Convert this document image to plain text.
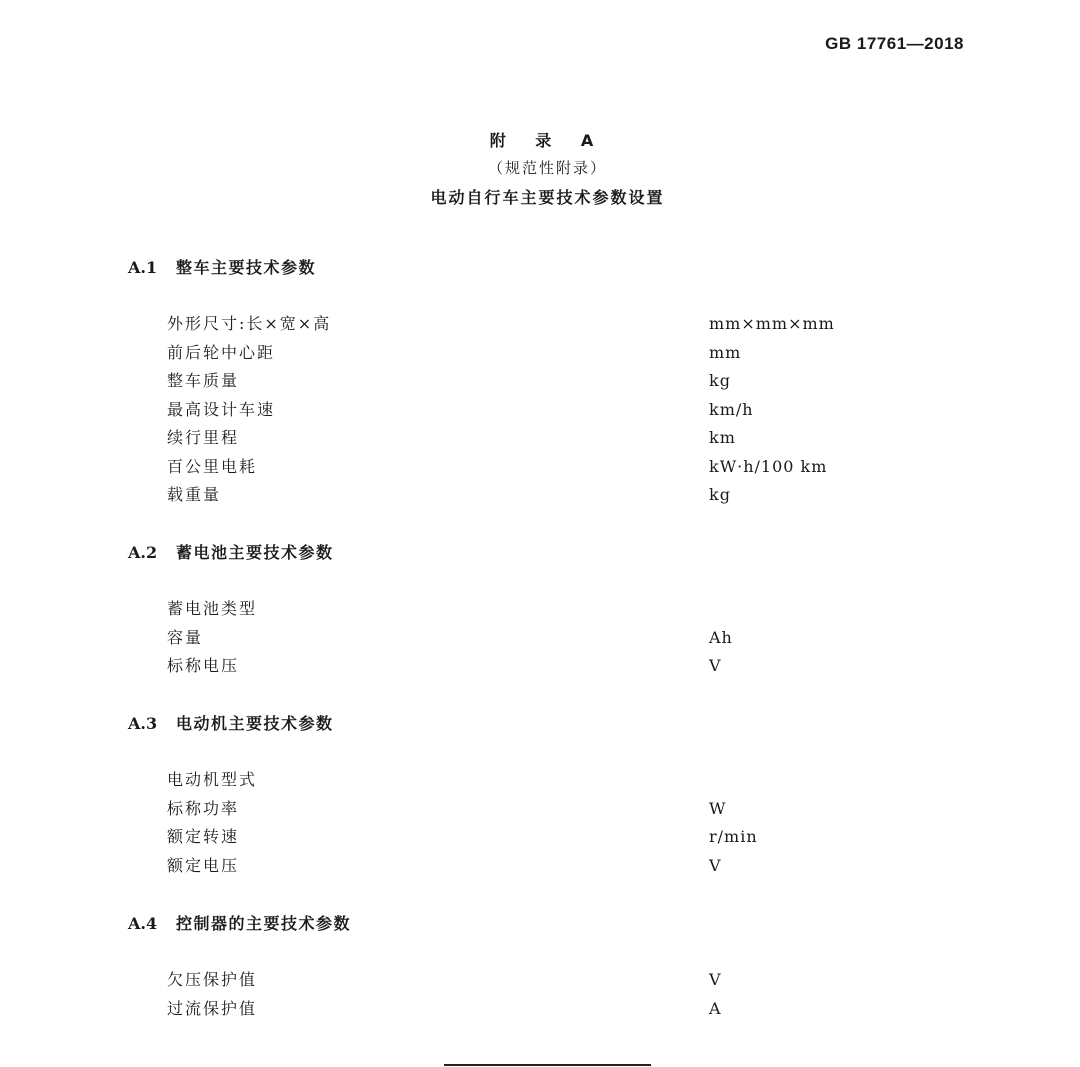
GB 17761—2018
附 录 A
（规范性附录）
电动自行车主要技术参数设置
A.1	整车主要技术参数
外形尺寸:长×宽×高	mm×mm×mm
前后轮中心距	mm
整车质量	kg
最高设计车速	km/h
续行里程	km
百公里电耗	kW·h/100 km
载重量	kg
A.2	蓄电池主要技术参数
蓄电池类型
容量	Ah
标称电压	V
A.3	电动机主要技术参数
电动机型式
标称功率	W
额定转速	r/min
额定电压	V
A.4	控制器的主要技术参数
欠压保护值	V
过流保护值	A
